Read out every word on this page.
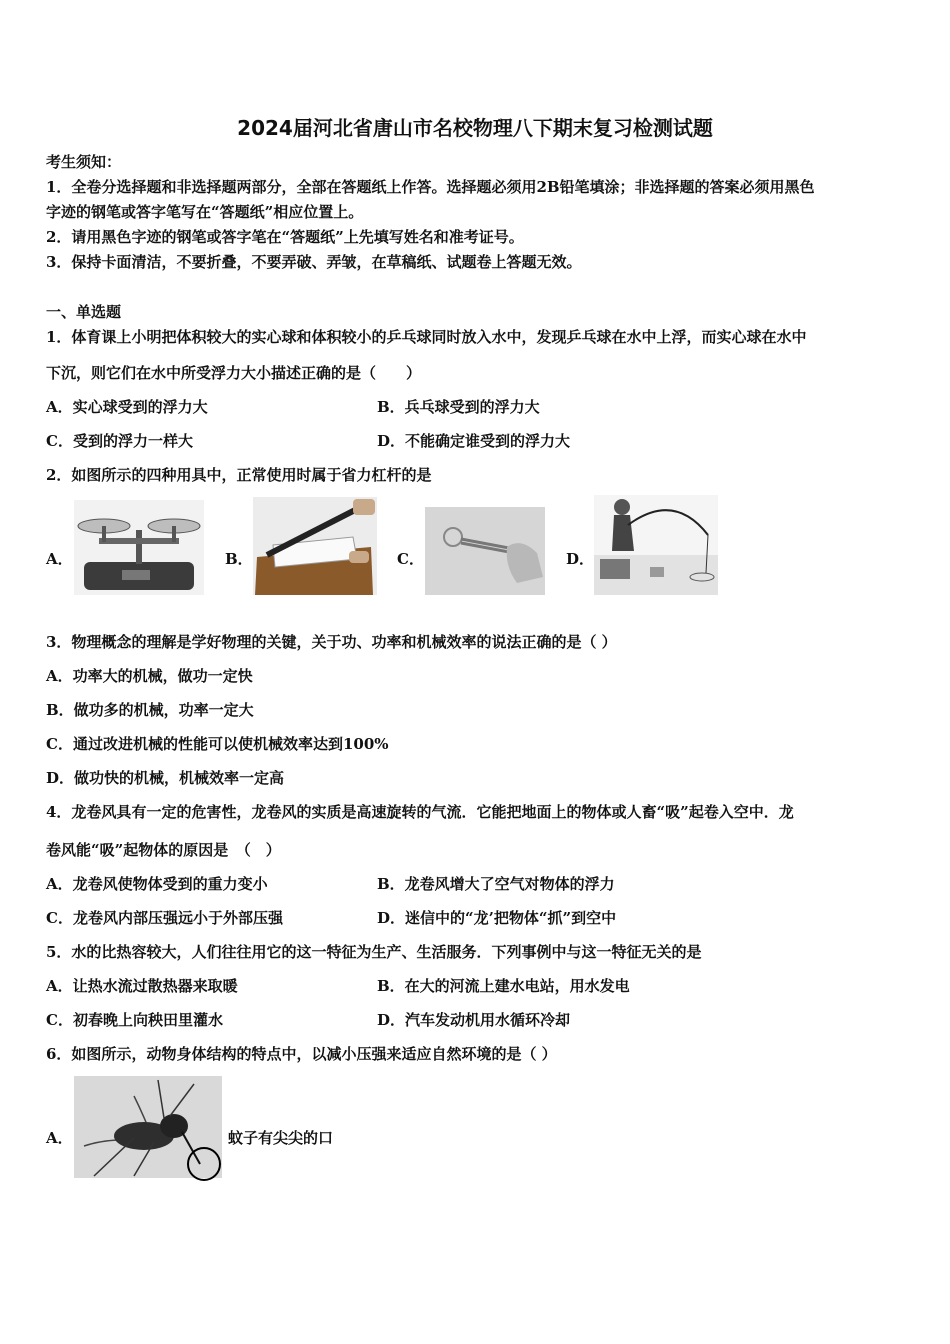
2024届河北省唐山市名校物理八下期末复习检测试题
考生须知：
1．全卷分选择题和非选择题两部分，全部在答题纸上作答。选择题必须用2B铅笔填涂；非选择题的答案必须用黑色
字迹的钢笔或答字笔写在“答题纸”相应位置上。
2．请用黑色字迹的钢笔或答字笔在“答题纸”上先填写姓名和准考证号。
3．保持卡面清洁，不要折叠，不要弄破、弄皱，在草稿纸、试题卷上答题无效。
一、单选题
1．体育课上小明把体积较大的实心球和体积较小的乒乓球同时放入水中，发现乒乓球在水中上浮，而实心球在水中
下沉，则它们在水中所受浮力大小描述正确的是（　　）
A．实心球受到的浮力大	B．兵乓球受到的浮力大
C．受到的浮力一样大	D．不能确定谁受到的浮力大
2．如图所示的四种用具中，正常使用时属于省力杠杆的是
A．	B．	C．	D．
3．物理概念的理解是学好物理的关键，关于功、功率和机械效率的说法正确的是（ ）
A．功率大的机械，做功一定快
B．做功多的机械，功率一定大
C．通过改进机械的性能可以使机械效率达到100%
D．做功快的机械，机械效率一定高
4．龙卷风具有一定的危害性，龙卷风的实质是高速旋转的气流．它能把地面上的物体或人畜“吸”起卷入空中．龙
卷风能“吸”起物体的原因是　（　）
A．龙卷风使物体受到的重力变小	B．龙卷风增大了空气对物体的浮力
C．龙卷风内部压强远小于外部压强	D．迷信中的“龙’把物体“抓”到空中
5．水的比热容较大，人们往往用它的这一特征为生产、生活服务．下列事例中与这一特征无关的是
A．让热水流过散热器来取暖	B．在大的河流上建水电站，用水发电
C．初春晚上向秧田里灌水	D．汽车发动机用水循环冷却
6．如图所示，动物身体结构的特点中，以减小压强来适应自然环境的是（ ）
A．	蚊子有尖尖的口
